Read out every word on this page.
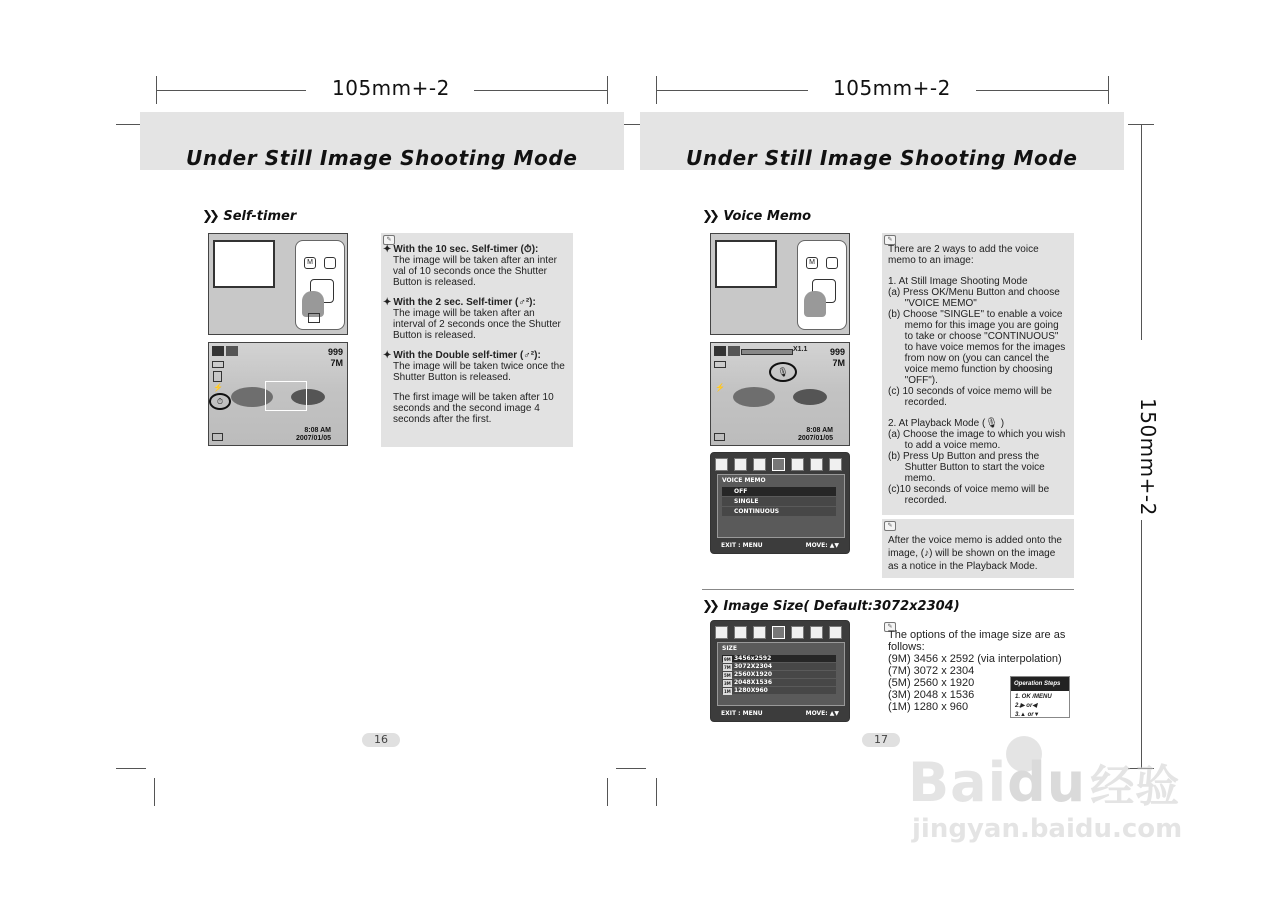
105mm+-2	105mm+-2
150mm+-2
Under Still Image Shooting Mode	Under Still Image Shooting Mode
❯❯ Self-timer
M
⚡
⏱
999
7M
8:08 AM
2007/01/05
✎
✦ With the 10 sec. Self-timer (⏱):
The image will be taken after an inter val of 10 seconds once the Shutter Button is released.
✦ With the 2 sec. Self-timer (♂²):
The image will be taken after an interval of 2 seconds once the Shutter Button is released.
✦ With the Double self-timer (♂²):
The image will be taken twice once the Shutter Button is released.
The first image will be taken after 10 seconds and the second image 4 seconds after the first.
16
❯❯ Voice Memo
M
X1.1
⚡
🎙
999
7M
8:08 AM
2007/01/05
VOICE MEMO
OFF
SINGLE
CONTINUOUS
EXIT : MENU	MOVE: ▲▼
✎
There are 2 ways to add the voice
memo to an image:
1. At Still Image Shooting Mode
(a) Press OK/Menu Button and choose
"VOICE MEMO"
(b) Choose "SINGLE" to enable a voice
memo for this image you are going
to take or choose "CONTINUOUS"
to have voice memos for the images
from now on (you can cancel the
voice memo function by choosing
"OFF").
(c) 10 seconds of voice memo will be
recorded.
2. At Playback Mode (🎙 )
(a) Choose the image to which you wish
to add a voice memo.
(b) Press Up Button and press the
Shutter Button to start the voice
memo.
(c)10 seconds of voice memo will be
recorded.
✎
After the voice memo is added onto the
image, (♪) will be shown on the image
as a notice in the Playback Mode.
❯❯ Image Size( Default:3072x2304)
SIZE
9M 3456x2592
7M 3072X2304
5M 2560X1920
3M 2048X1536
1M 1280X960
EXIT : MENU	MOVE: ▲▼
✎
The options of the image size are as
follows:
(9M) 3456 x 2592 (via interpolation)
(7M) 3072 x 2304
(5M) 2560 x 1920
(3M) 2048 x 1536
(1M) 1280 x 960
Operation Steps
1. OK /MENU
2.▶ or◀
3.▲ or▼
17
Baidu经验
jingyan.baidu.com
